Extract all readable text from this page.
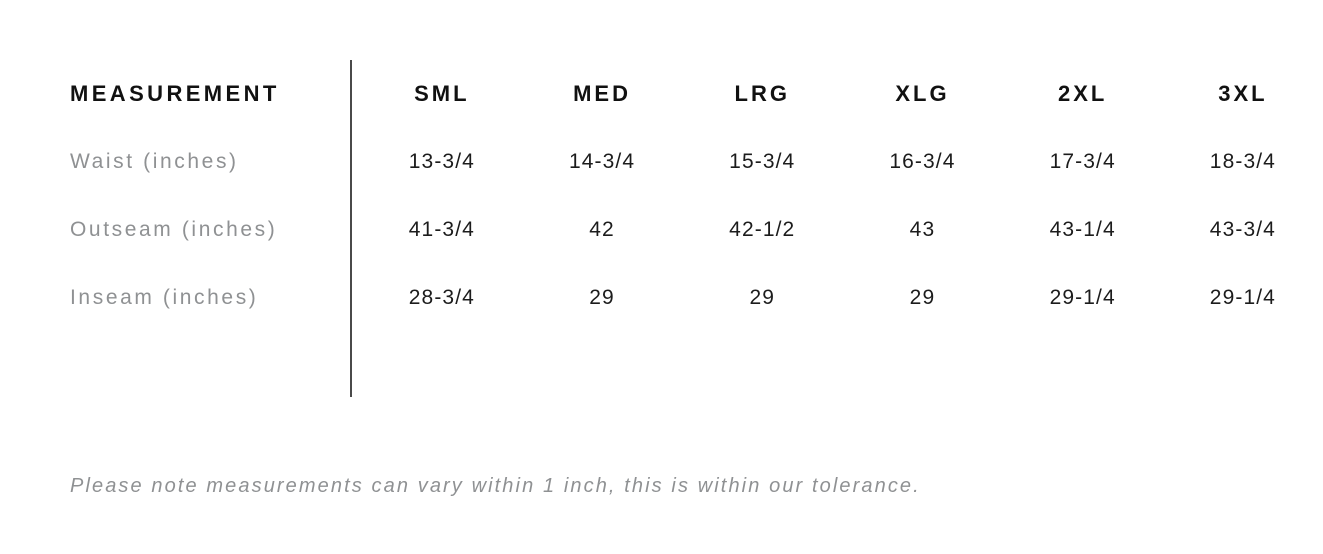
MEASUREMENT	SML	MED	LRG	XLG	2XL	3XL
Waist (inches)	13-3/4	14-3/4	15-3/4	16-3/4	17-3/4	18-3/4
Outseam (inches)	41-3/4	42	42-1/2	43	43-1/4	43-3/4
Inseam (inches)	28-3/4	29	29	29	29-1/4	29-1/4
Please note measurements can vary within 1 inch, this is within our tolerance.
